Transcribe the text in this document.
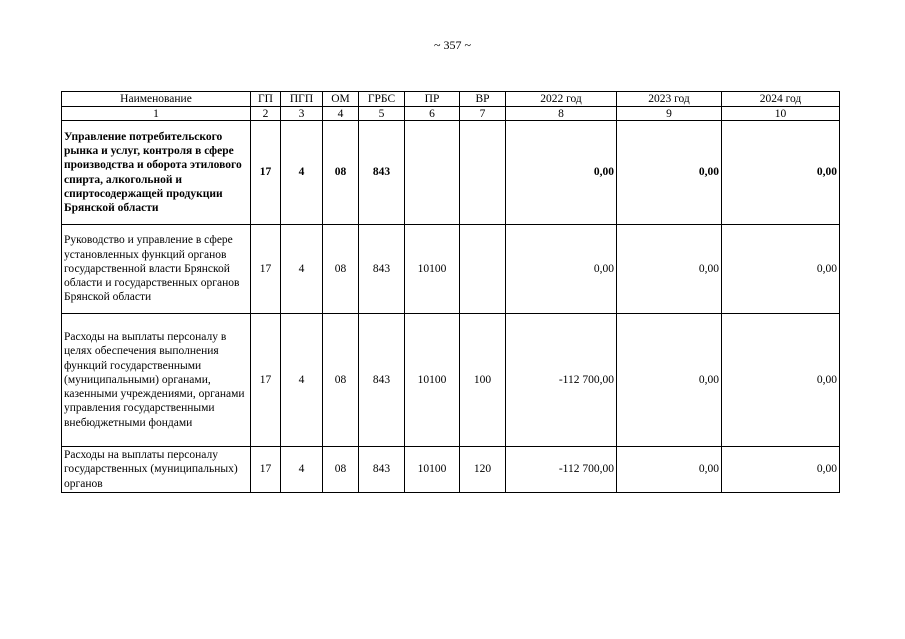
~ 357 ~
Наименование	ГП	ПГП	ОМ	ГРБС	ПР	ВР	2022 год	2023 год	2024 год
1	2	3	4	5	6	7	8	9	10
Управление потребительского рынка и услуг, контроля в сфере производства и оборота этилового спирта, алкогольной и спиртосодержащей продукции Брянской области	17	4	08	843			0,00	0,00	0,00
Руководство и управление в сфере установленных функций органов государственной власти Брянской области и государственных органов Брянской области	17	4	08	843	10100		0,00	0,00	0,00
Расходы на выплаты персоналу в целях обеспечения выполнения функций государственными (муниципальными) органами, казенными учреждениями, органами управления государственными внебюджетными фондами	17	4	08	843	10100	100	-112 700,00	0,00	0,00
Расходы на выплаты персоналу государственных (муниципальных) органов	17	4	08	843	10100	120	-112 700,00	0,00	0,00
